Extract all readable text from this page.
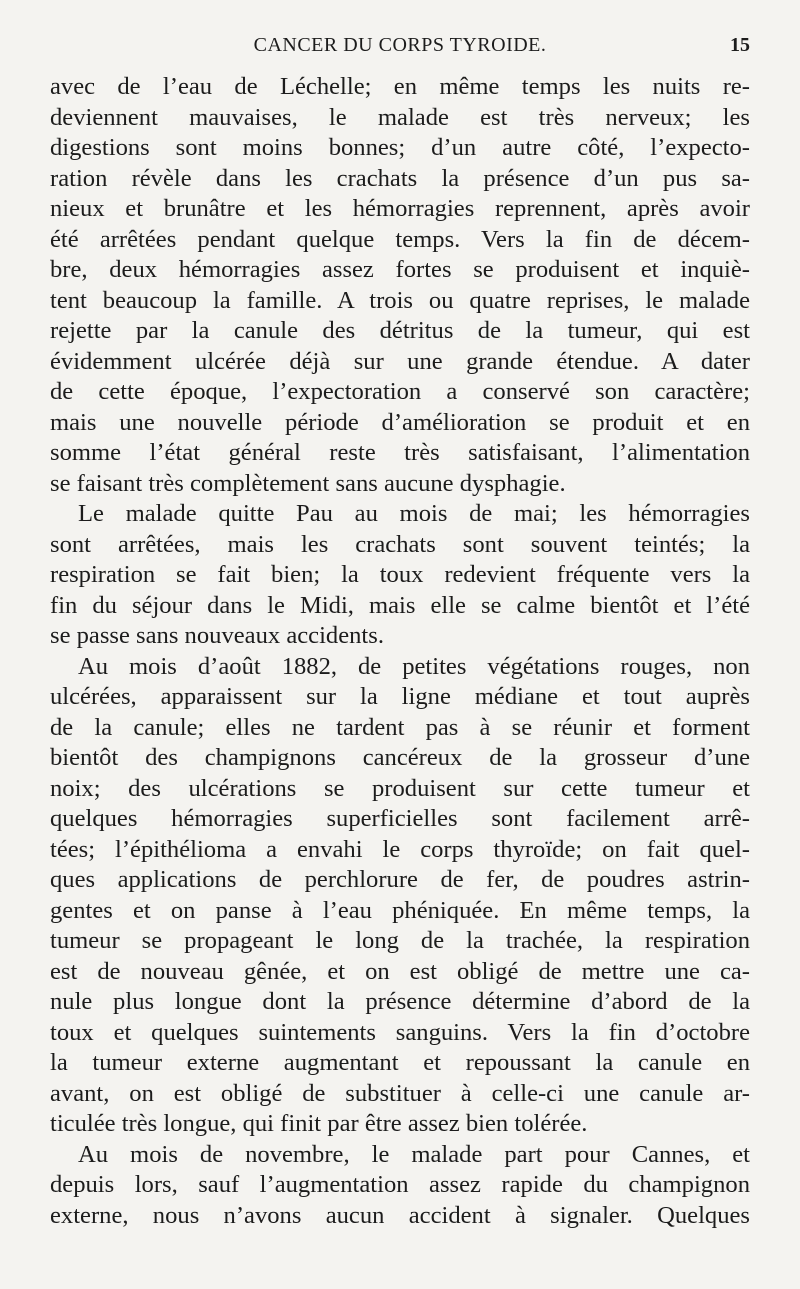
CANCER DU CORPS TYROIDE.	15
avec de l’eau de Léchelle; en même temps les nuits re-
deviennent mauvaises, le malade est très nerveux; les
digestions sont moins bonnes; d’un autre côté, l’expecto-
ration révèle dans les crachats la présence d’un pus sa-
nieux et brunâtre et les hémorragies reprennent, après avoir
été arrêtées pendant quelque temps. Vers la fin de décem-
bre, deux hémorragies assez fortes se produisent et inquiè-
tent beaucoup la famille. A trois ou quatre reprises, le malade
rejette par la canule des détritus de la tumeur, qui est
évidemment ulcérée déjà sur une grande étendue. A dater
de cette époque, l’expectoration a conservé son caractère;
mais une nouvelle période d’amélioration se produit et en
somme l’état général reste très satisfaisant, l’alimentation
se faisant très complètement sans aucune dysphagie.
Le malade quitte Pau au mois de mai; les hémorragies
sont arrêtées, mais les crachats sont souvent teintés; la
respiration se fait bien; la toux redevient fréquente vers la
fin du séjour dans le Midi, mais elle se calme bientôt et l’été
se passe sans nouveaux accidents.
Au mois d’août 1882, de petites végétations rouges, non
ulcérées, apparaissent sur la ligne médiane et tout auprès
de la canule; elles ne tardent pas à se réunir et forment
bientôt des champignons cancéreux de la grosseur d’une
noix; des ulcérations se produisent sur cette tumeur et
quelques hémorragies superficielles sont facilement arrê-
tées; l’épithélioma a envahi le corps thyroïde; on fait quel-
ques applications de perchlorure de fer, de poudres astrin-
gentes et on panse à l’eau phéniquée. En même temps, la
tumeur se propageant le long de la trachée, la respiration
est de nouveau gênée, et on est obligé de mettre une ca-
nule plus longue dont la présence détermine d’abord de la
toux et quelques suintements sanguins. Vers la fin d’octobre
la tumeur externe augmentant et repoussant la canule en
avant, on est obligé de substituer à celle-ci une canule ar-
ticulée très longue, qui finit par être assez bien tolérée.
Au mois de novembre, le malade part pour Cannes, et
depuis lors, sauf l’augmentation assez rapide du champignon
externe, nous n’avons aucun accident à signaler. Quelques
